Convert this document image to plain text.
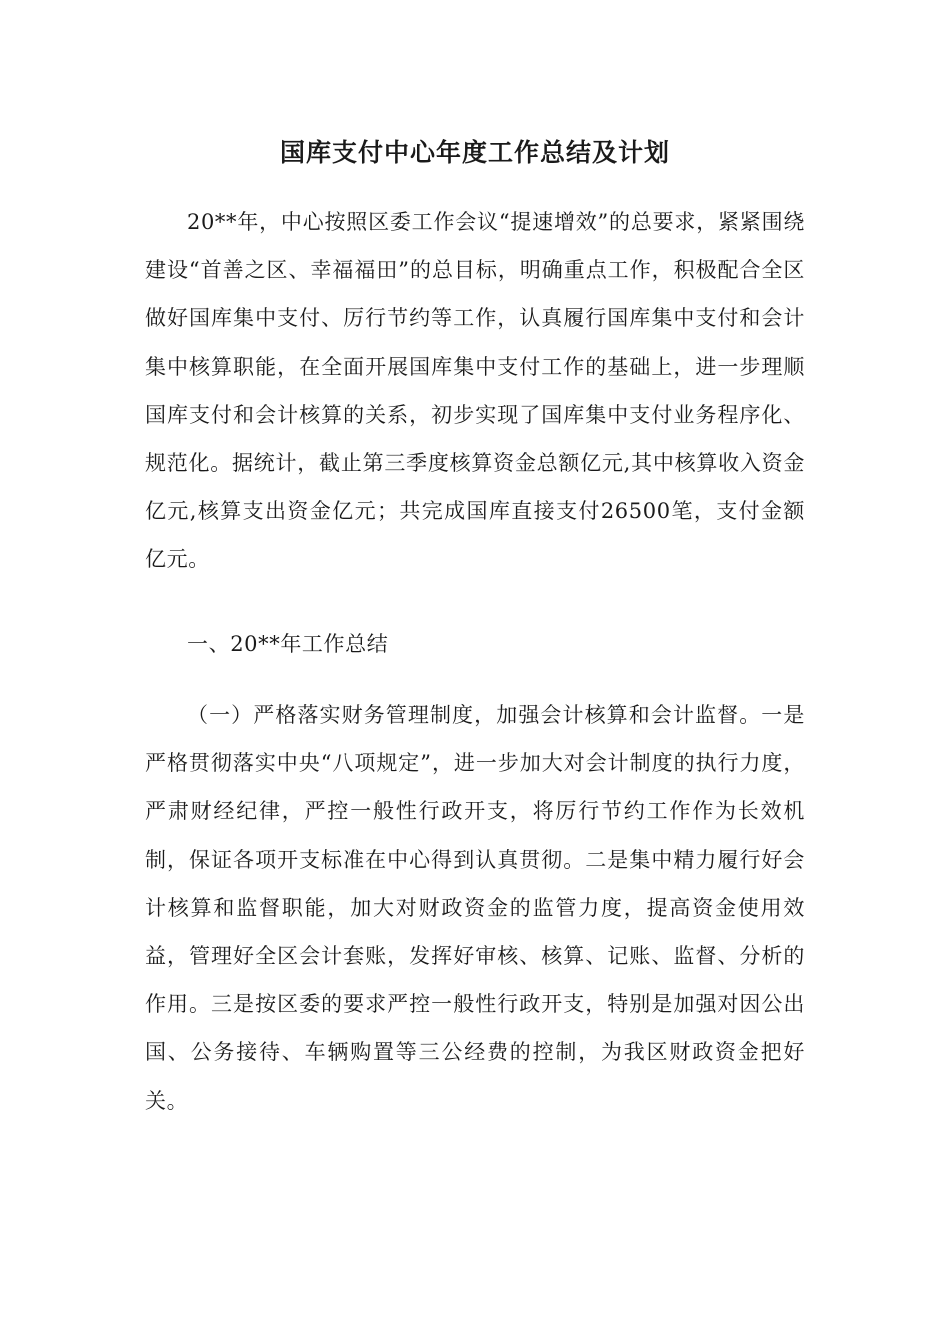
国库支付中心年度工作总结及计划

20**年，中心按照区委工作会议“提速增效”的总要求，紧紧围绕建设“首善之区、幸福福田”的总目标，明确重点工作，积极配合全区做好国库集中支付、厉行节约等工作，认真履行国库集中支付和会计集中核算职能，在全面开展国库集中支付工作的基础上，进一步理顺国库支付和会计核算的关系，初步实现了国库集中支付业务程序化、规范化。据统计，截止第三季度核算资金总额亿元,其中核算收入资金亿元,核算支出资金亿元；共完成国库直接支付26500笔，支付金额亿元。

一、20**年工作总结

（一）严格落实财务管理制度，加强会计核算和会计监督。一是严格贯彻落实中央“八项规定”，进一步加大对会计制度的执行力度，严肃财经纪律，严控一般性行政开支，将厉行节约工作作为长效机制，保证各项开支标准在中心得到认真贯彻。二是集中精力履行好会计核算和监督职能，加大对财政资金的监管力度，提高资金使用效益，管理好全区会计套账，发挥好审核、核算、记账、监督、分析的作用。三是按区委的要求严控一般性行政开支，特别是加强对因公出国、公务接待、车辆购置等三公经费的控制，为我区财政资金把好关。
